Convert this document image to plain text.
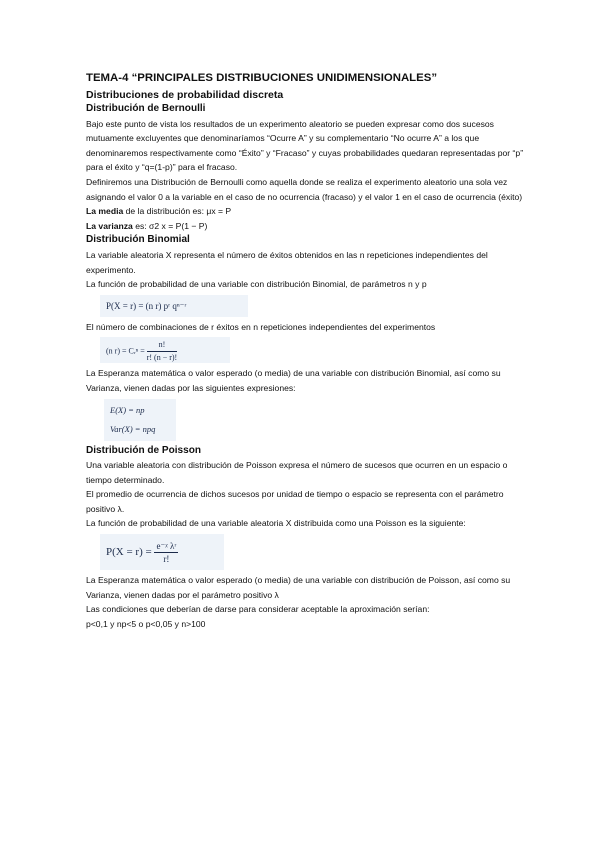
TEMA-4 “PRINCIPALES DISTRIBUCIONES UNIDIMENSIONALES”
Distribuciones de probabilidad discreta
Distribución de Bernoulli

Bajo este punto de vista los resultados de un experimento aleatorio se pueden expresar como dos sucesos mutuamente excluyentes que denominaríamos “Ocurre A” y su complementario “No ocurre A” a los que denominaremos respectivamente como “Éxito” y “Fracaso” y cuyas probabilidades quedaran representadas por “p” para el éxito y “q=(1-p)” para el fracaso.

Definiremos una Distribución de Bernoulli como aquella donde se realiza el experimento aleatorio una sola vez asignando el valor 0 a la variable en el caso de no ocurrencia (fracaso) y el valor 1 en el caso de ocurrencia (éxito)

La media de la distribución es: μx = P

La varianza es: σ2 x = P(1 − P)

Distribución Binomial

La variable aleatoria X representa el número de éxitos obtenidos en las n repeticiones independientes del experimento.

La función de probabilidad de una variable con distribución Binomial, de parámetros n y p

P(X = r) = (n r) pʳ qⁿ⁻ʳ

El número de combinaciones de r éxitos en n repeticiones independientes del experimentos

(n r) = Cᵣⁿ = $\frac{n!}{r! (n - r)!}$

La Esperanza matemática o valor esperado (o media) de una variable con distribución Binomial, así como su Varianza, vienen dadas por las siguientes expresiones:

E(X) = np
Var(X) = npq
Distribución de Poisson

Una variable aleatoria con distribución de Poisson expresa el número de sucesos que ocurren en un espacio o tiempo determinado.

El promedio de ocurrencia de dichos sucesos por unidad de tiempo o espacio se representa con el parámetro positivo λ.

La función de probabilidad de una variable aleatoria X distribuida como una Poisson es la siguiente:

$P(X = r) = \frac{\text{e⁻ᵡ λʳ}}{r!}$

La Esperanza matemática o valor esperado (o media) de una variable con distribución de Poisson, así como su Varianza, vienen dadas por el parámetro positivo λ

Las condiciones que deberían de darse para considerar aceptable la aproximación serían:

p<0,1 y np<5 o p<0,05 y n>100
